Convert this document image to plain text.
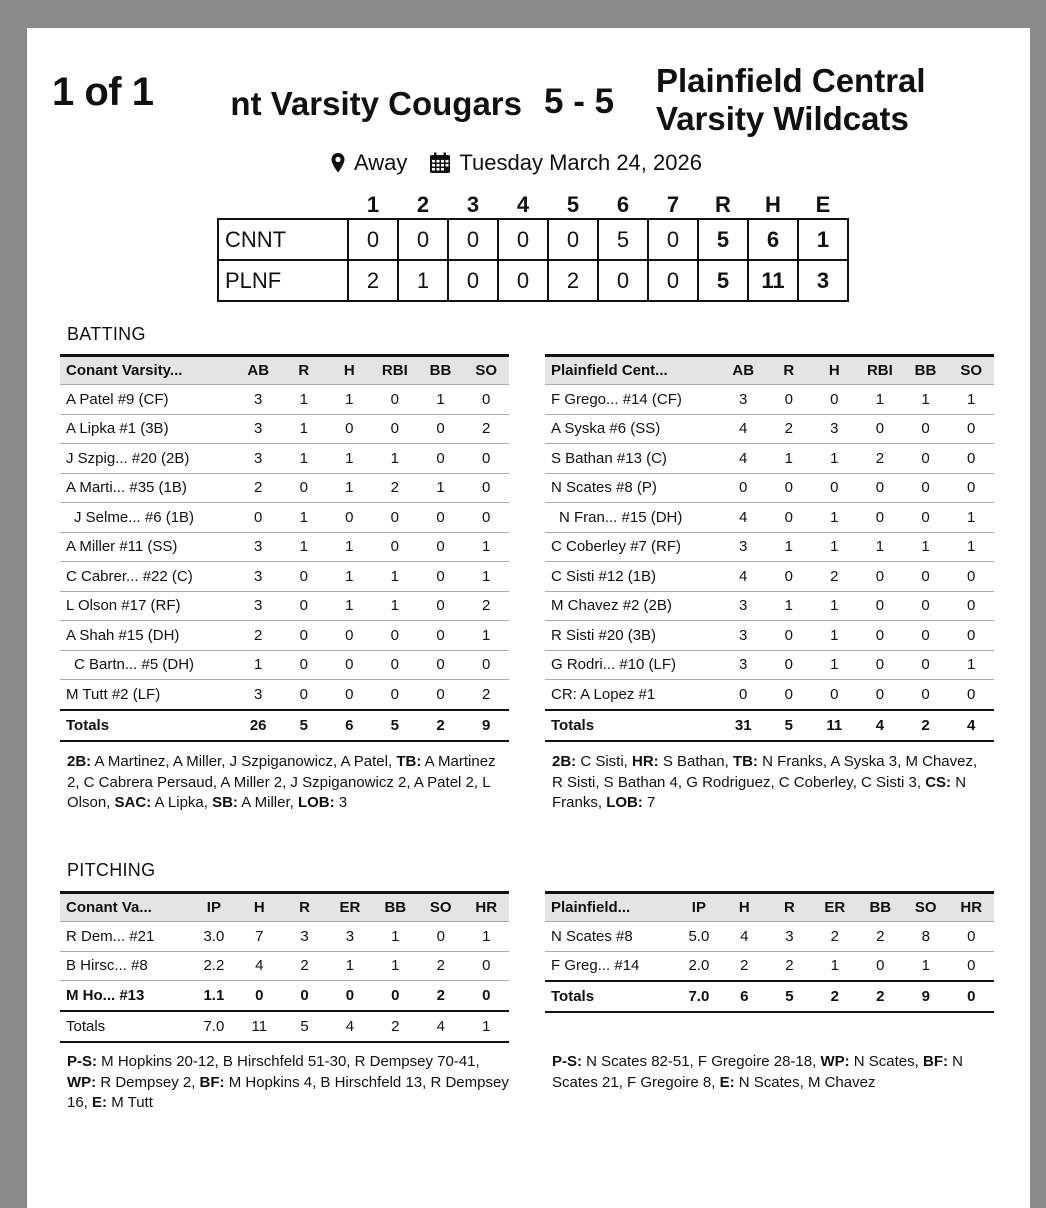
1 of 1	nt Varsity Cougars 5 - 5
Plainfield Central
Varsity Wildcats
Away Tuesday March 24, 2026
	1	2	3	4	5	6	7	R	H	E
CNNT	0	0	0	0	0	5	0	5	6	1
PLNF	2	1	0	0	2	0	0	5	11	3
BATTING
Conant Varsity...	AB	R	H	RBI	BB	SO
A Patel #9 (CF)	3	1	1	0	1	0
A Lipka #1 (3B)	3	1	0	0	0	2
J Szpig... #20 (2B)	3	1	1	1	0	0
A Marti... #35 (1B)	2	0	1	2	1	0
J Selme... #6 (1B)	0	1	0	0	0	0
A Miller #11 (SS)	3	1	1	0	0	1
C Cabrer... #22 (C)	3	0	1	1	0	1
L Olson #17 (RF)	3	0	1	1	0	2
A Shah #15 (DH)	2	0	0	0	0	1
C Bartn... #5 (DH)	1	0	0	0	0	0
M Tutt #2 (LF)	3	0	0	0	0	2
Totals	26	5	6	5	2	9
Plainfield Cent...	AB	R	H	RBI	BB	SO
F Grego... #14 (CF)	3	0	0	1	1	1
A Syska #6 (SS)	4	2	3	0	0	0
S Bathan #13 (C)	4	1	1	2	0	0
N Scates #8 (P)	0	0	0	0	0	0
N Fran... #15 (DH)	4	0	1	0	0	1
C Coberley #7 (RF)	3	1	1	1	1	1
C Sisti #12 (1B)	4	0	2	0	0	0
M Chavez #2 (2B)	3	1	1	0	0	0
R Sisti #20 (3B)	3	0	1	0	0	0
G Rodri... #10 (LF)	3	0	1	0	0	1
CR: A Lopez #1	0	0	0	0	0	0
Totals	31	5	11	4	2	4
2B: A Martinez, A Miller, J Szpiganowicz, A Patel, TB: A Martinez 2, C Cabrera Persaud, A Miller 2, J Szpiganowicz 2, A Patel 2, L Olson, SAC: A Lipka, SB: A Miller, LOB: 3
2B: C Sisti, HR: S Bathan, TB: N Franks, A Syska 3, M Chavez, R Sisti, S Bathan 4, G Rodriguez, C Coberley, C Sisti 3, CS: N Franks, LOB: 7
PITCHING
Conant Va...	IP	H	R	ER	BB	SO	HR
R Dem... #21	3.0	7	3	3	1	0	1
B Hirsc... #8	2.2	4	2	1	1	2	0
M Ho... #13	1.1	0	0	0	0	2	0
Totals	7.0	11	5	4	2	4	1
Plainfield...	IP	H	R	ER	BB	SO	HR
N Scates #8	5.0	4	3	2	2	8	0
F Greg... #14	2.0	2	2	1	0	1	0
Totals	7.0	6	5	2	2	9	0
P-S: M Hopkins 20-12, B Hirschfeld 51-30, R Dempsey 70-41, WP: R Dempsey 2, BF: M Hopkins 4, B Hirschfeld 13, R Dempsey 16, E: M Tutt
P-S: N Scates 82-51, F Gregoire 28-18, WP: N Scates, BF: N Scates 21, F Gregoire 8, E: N Scates, M Chavez
